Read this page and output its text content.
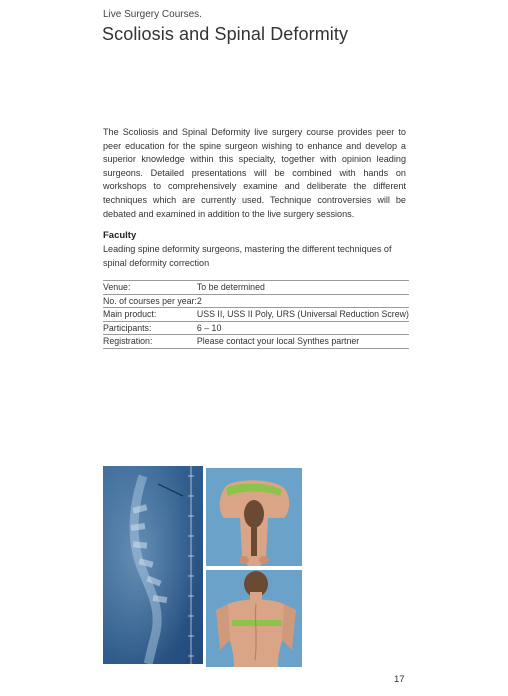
Live Surgery Courses.
Scoliosis and Spinal Deformity

The Scoliosis and Spinal Deformity live surgery course provides peer to peer education for the spine surgeon wishing to enhance and develop a superior knowledge within this specialty, together with opinion leading surgeons. Detailed presentations will be combined with hands on workshops to comprehensively examine and deliberate the different techniques which are currently used. Technique controversies will be debated and examined in addition to the live surgery sessions.

Faculty

Leading spine deformity surgeons, mastering the different techniques of spinal deformity correction

Venue:	To be determined
No. of courses per year:	2
Main product:	USS II, USS II Poly, URS (Universal Reduction Screw)
Participants:	6 – 10
Registration:	Please contact your local Synthes partner
17
